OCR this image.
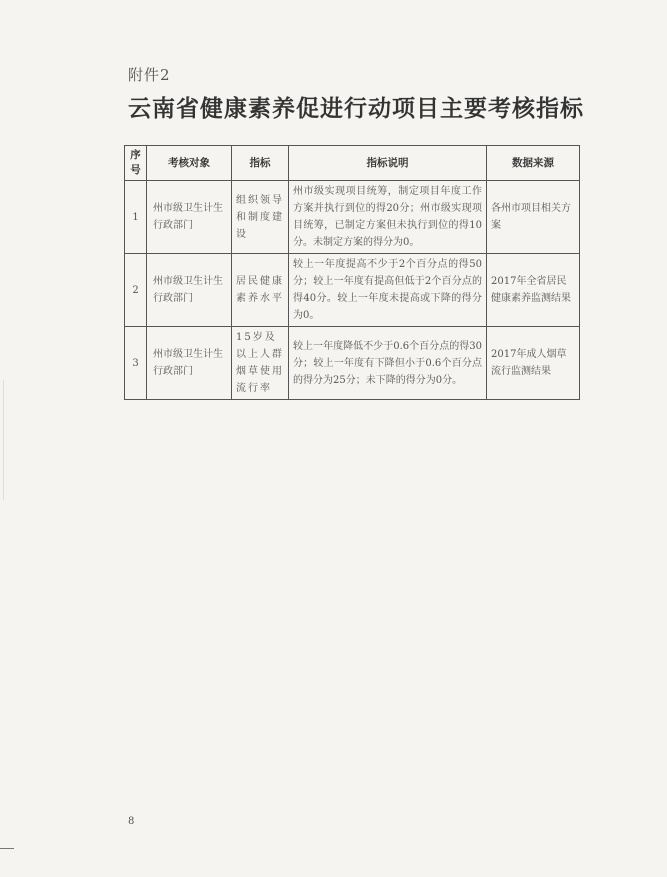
附件2
云南省健康素养促进行动项目主要考核指标
序号	考核对象	指标	指标说明	数据来源
1	州市级卫生计生行政部门	组织领导和制度建设	州市级实现项目统筹，制定项目年度工作方案并执行到位的得20分；州市级实现项目统筹，已制定方案但未执行到位的得10分。未制定方案的得分为0。	各州市项目相关方案
2	州市级卫生计生行政部门	居民健康素养水平	较上一年度提高不少于2个百分点的得50分；较上一年度有提高但低于2个百分点的得40分。较上一年度未提高或下降的得分为0。	2017年全省居民健康素养监测结果
3	州市级卫生计生行政部门	15岁及以上人群烟草使用流行率	较上一年度降低不少于0.6个百分点的得30分；较上一年度有下降但小于0.6个百分点的得分为25分；未下降的得分为0分。	2017年成人烟草流行监测结果
8
